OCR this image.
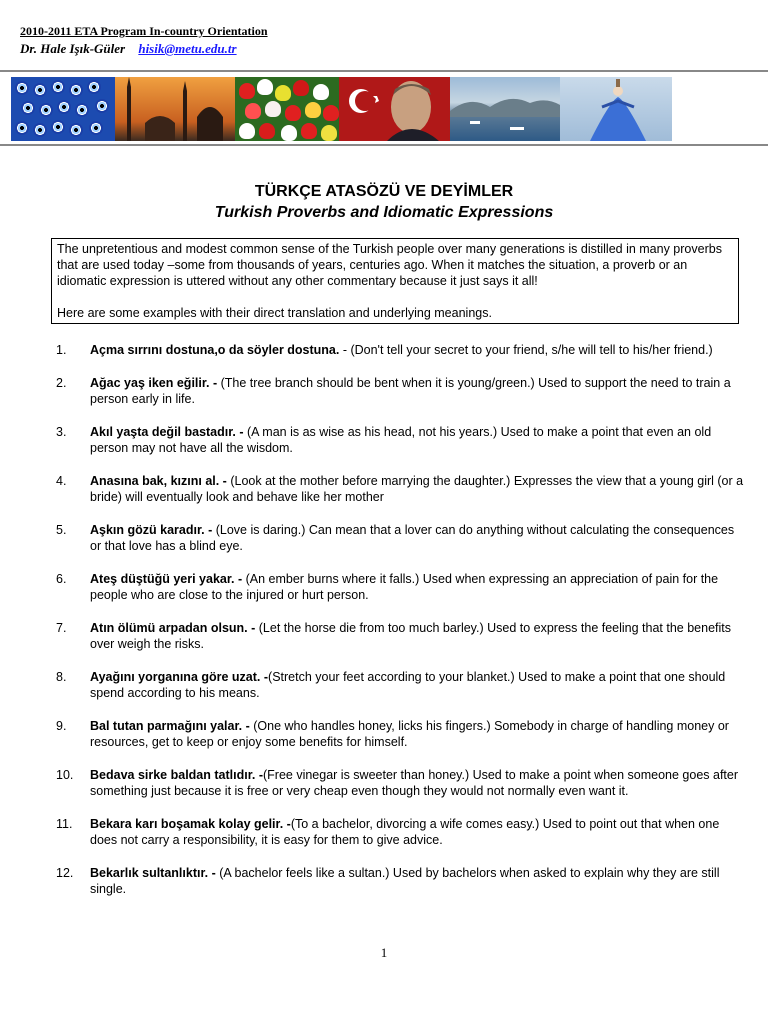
2010-2011 ETA Program In-country Orientation
Dr. Hale Işık-Güler hisik@metu.edu.tr
TÜRKÇE ATASÖZÜ VE DEYİMLER
Turkish Proverbs and Idiomatic Expressions

The unpretentious and modest common sense of the Turkish people over many generations is distilled in many proverbs that are used today –some from thousands of years, centuries ago. When it matches the situation, a proverb or an idiomatic expression is uttered without any other commentary because it just says it all!

Here are some examples with their direct translation and underlying meanings.

1. Açma sırrını dostuna,o da söyler dostuna. - (Don't tell your secret to your friend, s/he will tell to his/her friend.)
2. Ağac yaş iken eğilir. - (The tree branch should be bent when it is young/green.) Used to support the need to train a person early in life.
3. Akıl yaşta değil bastadır. - (A man is as wise as his head, not his years.) Used to make a point that even an old person may not have all the wisdom.
4. Anasına bak, kızını al. - (Look at the mother before marrying the daughter.) Expresses the view that a young girl (or a bride) will eventually look and behave like her mother
5. Aşkın gözü karadır. - (Love is daring.) Can mean that a lover can do anything without calculating the consequences or that love has a blind eye.
6. Ateş düştüğü yeri yakar. - (An ember burns where it falls.) Used when expressing an appreciation of pain for the people who are close to the injured or hurt person.
7. Atın ölümü arpadan olsun. - (Let the horse die from too much barley.) Used to express the feeling that the benefits over weigh the risks.
8. Ayağını yorganına göre uzat. -(Stretch your feet according to your blanket.) Used to make a point that one should spend according to his means.
9. Bal tutan parmağını yalar. - (One who handles honey, licks his fingers.) Somebody in charge of handling money or resources, get to keep or enjoy some benefits for himself.
10. Bedava sirke baldan tatlıdır. -(Free vinegar is sweeter than honey.) Used to make a point when someone goes after something just because it is free or very cheap even though they would not normally even want it.
11. Bekara karı boşamak kolay gelir. -(To a bachelor, divorcing a wife comes easy.) Used to point out that when one does not carry a responsibility, it is easy for them to give advice.
12. Bekarlık sultanlıktır. - (A bachelor feels like a sultan.) Used by bachelors when asked to explain why they are still single.
1
